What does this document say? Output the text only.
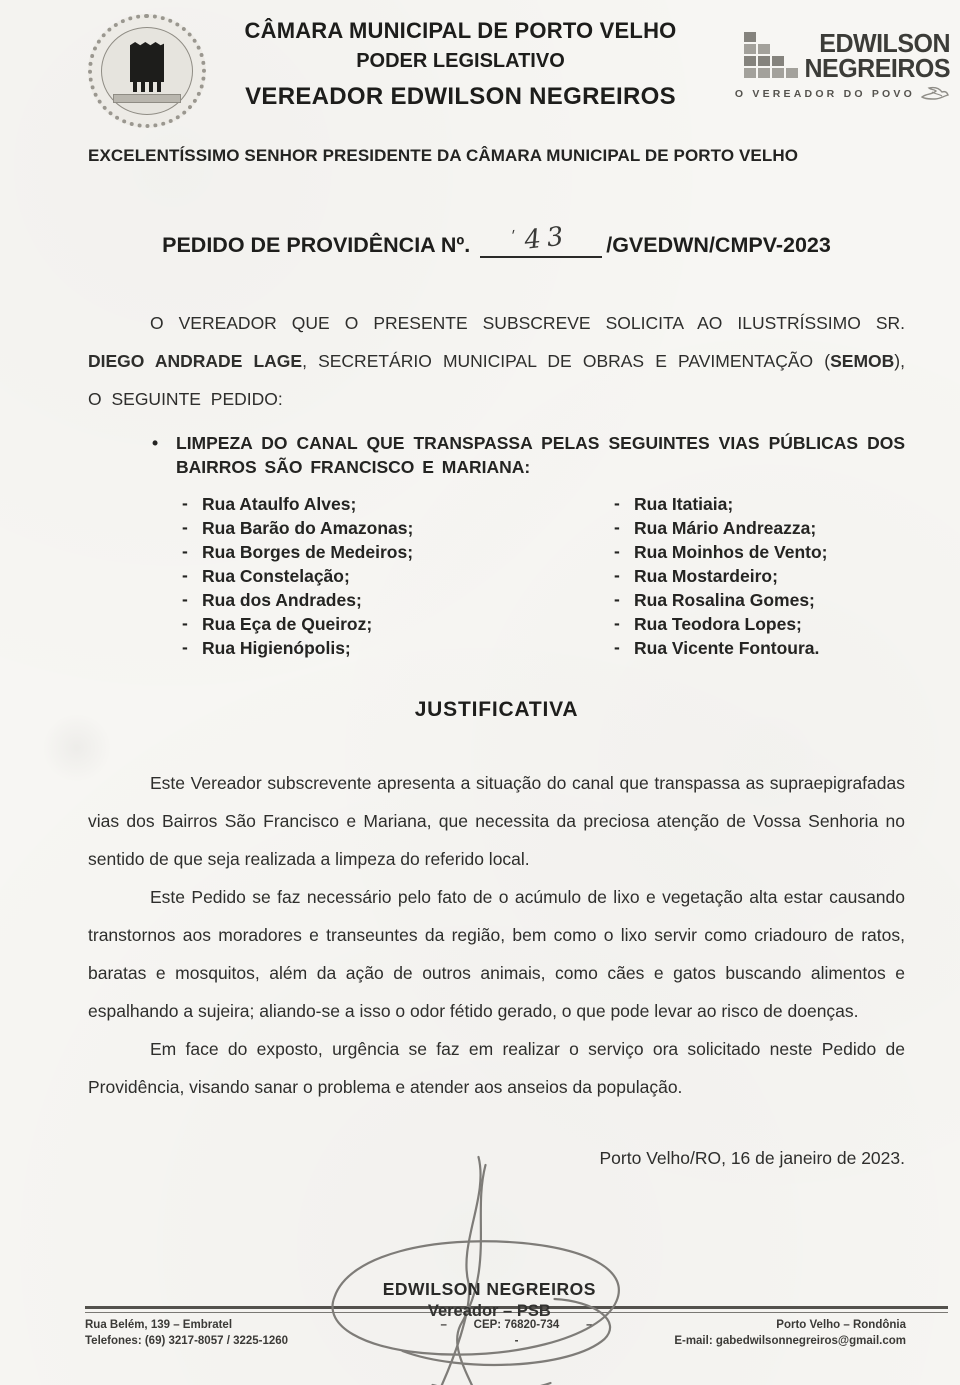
CÂMARA MUNICIPAL DE PORTO VELHO
PODER LEGISLATIVO
VEREADOR EDWILSON NEGREIROS
EDWILSON
NEGREIROS
O VEREADOR DO POVO
EXCELENTÍSSIMO SENHOR PRESIDENTE DA CÂMARA MUNICIPAL DE PORTO VELHO
PEDIDO DE PROVIDÊNCIA Nº.	ʹ 43	/GVEDWN/CMPV-2023

O VEREADOR QUE O PRESENTE SUBSCREVE SOLICITA AO ILUSTRÍSSIMO SR. DIEGO ANDRADE LAGE, SECRETÁRIO MUNICIPAL DE OBRAS E PAVIMENTAÇÃO (SEMOB), O SEGUINTE PEDIDO:

• LIMPEZA DO CANAL QUE TRANSPASSA PELAS SEGUINTES VIAS PÚBLICAS DOS BAIRROS SÃO FRANCISCO E MARIANA:
- Rua Ataulfo Alves;
- Rua Barão do Amazonas;
- Rua Borges de Medeiros;
- Rua Constelação;
- Rua dos Andrades;
- Rua Eça de Queiroz;
- Rua Higienópolis;
- Rua Itatiaia;
- Rua Mário Andreazza;
- Rua Moinhos de Vento;
- Rua Mostardeiro;
- Rua Rosalina Gomes;
- Rua Teodora Lopes;
- Rua Vicente Fontoura.
JUSTIFICATIVA

Este Vereador subscrevente apresenta a situação do canal que transpassa as supraepigrafadas vias dos Bairros São Francisco e Mariana, que necessita da preciosa atenção de Vossa Senhoria no sentido de que seja realizada a limpeza do referido local.

Este Pedido se faz necessário pelo fato de o acúmulo de lixo e vegetação alta estar causando transtornos aos moradores e transeuntes da região, bem como o lixo servir como criadouro de ratos, baratas e mosquitos, além da ação de outros animais, como cães e gatos buscando alimentos e espalhando a sujeira; aliando-se a isso o odor fétido gerado, o que pode levar ao risco de doenças.

Em face do exposto, urgência se faz em realizar o serviço ora solicitado neste Pedido de Providência, visando sanar o problema e atender aos anseios da população.

Porto Velho/RO, 16 de janeiro de 2023.
EDWILSON NEGREIROS
Vereador – PSB
Rua Belém, 139 – Embratel	–	CEP: 76820-734	–	Porto Velho – Rondônia
Telefones: (69) 3217-8057 / 3225-1260	-	E-mail: gabedwilsonnegreiros@gmail.com
